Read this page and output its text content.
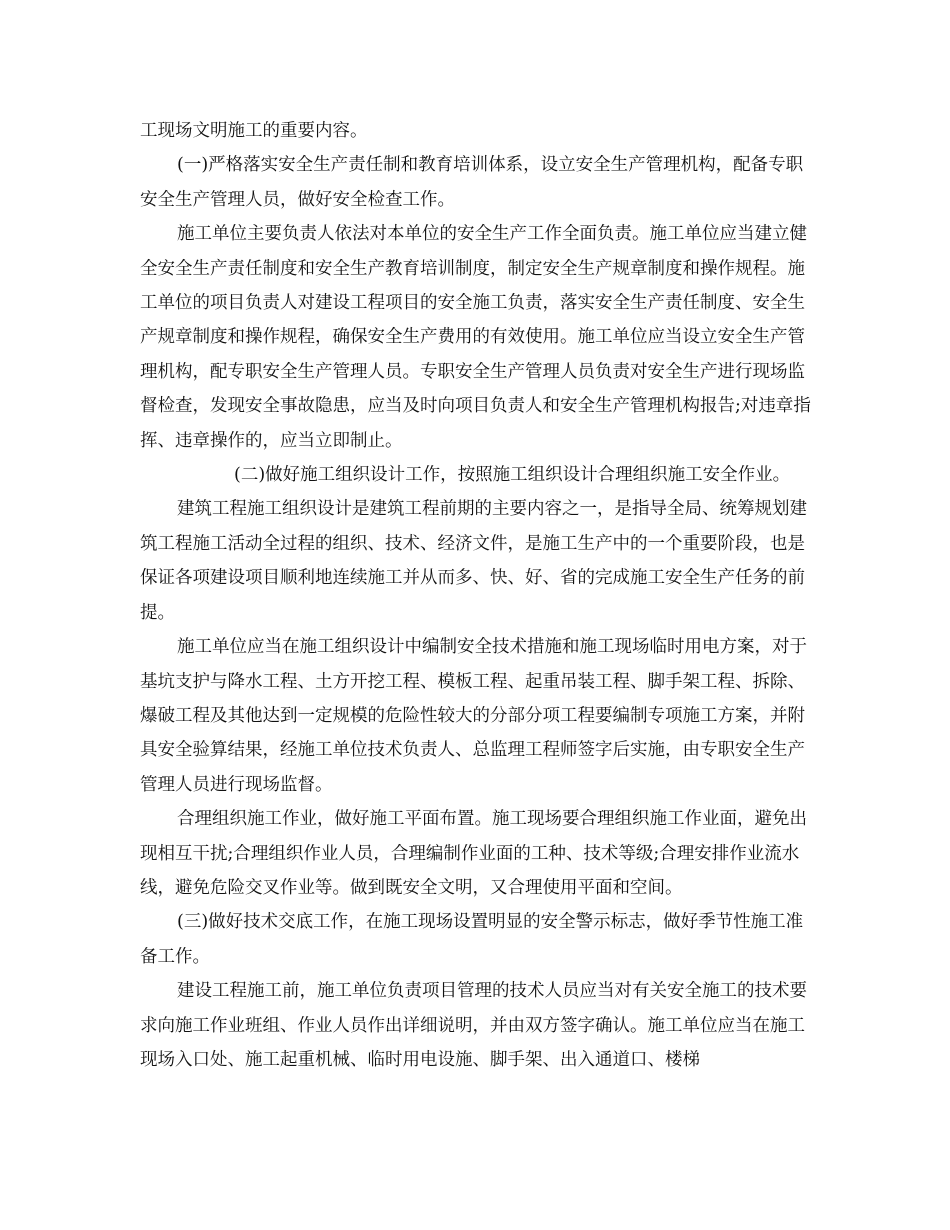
工现场文明施工的重要内容。

(一)严格落实安全生产责任制和教育培训体系，设立安全生产管理机构，配备专职安全生产管理人员，做好安全检查工作。

施工单位主要负责人依法对本单位的安全生产工作全面负责。施工单位应当建立健全安全生产责任制度和安全生产教育培训制度，制定安全生产规章制度和操作规程。施工单位的项目负责人对建设工程项目的安全施工负责，落实安全生产责任制度、安全生产规章制度和操作规程，确保安全生产费用的有效使用。施工单位应当设立安全生产管理机构，配专职安全生产管理人员。专职安全生产管理人员负责对安全生产进行现场监督检查，发现安全事故隐患，应当及时向项目负责人和安全生产管理机构报告;对违章指挥、违章操作的，应当立即制止。

(二)做好施工组织设计工作，按照施工组织设计合理组织施工安全作业。

建筑工程施工组织设计是建筑工程前期的主要内容之一，是指导全局、统筹规划建筑工程施工活动全过程的组织、技术、经济文件，是施工生产中的一个重要阶段，也是保证各项建设项目顺利地连续施工并从而多、快、好、省的完成施工安全生产任务的前提。

施工单位应当在施工组织设计中编制安全技术措施和施工现场临时用电方案，对于基坑支护与降水工程、土方开挖工程、模板工程、起重吊装工程、脚手架工程、拆除、爆破工程及其他达到一定规模的危险性较大的分部分项工程要编制专项施工方案，并附具安全验算结果，经施工单位技术负责人、总监理工程师签字后实施，由专职安全生产管理人员进行现场监督。

合理组织施工作业，做好施工平面布置。施工现场要合理组织施工作业面，避免出现相互干扰;合理组织作业人员，合理编制作业面的工种、技术等级;合理安排作业流水线，避免危险交叉作业等。做到既安全文明，又合理使用平面和空间。

(三)做好技术交底工作，在施工现场设置明显的安全警示标志，做好季节性施工准备工作。

建设工程施工前，施工单位负责项目管理的技术人员应当对有关安全施工的技术要求向施工作业班组、作业人员作出详细说明，并由双方签字确认。施工单位应当在施工现场入口处、施工起重机械、临时用电设施、脚手架、出入通道口、楼梯
